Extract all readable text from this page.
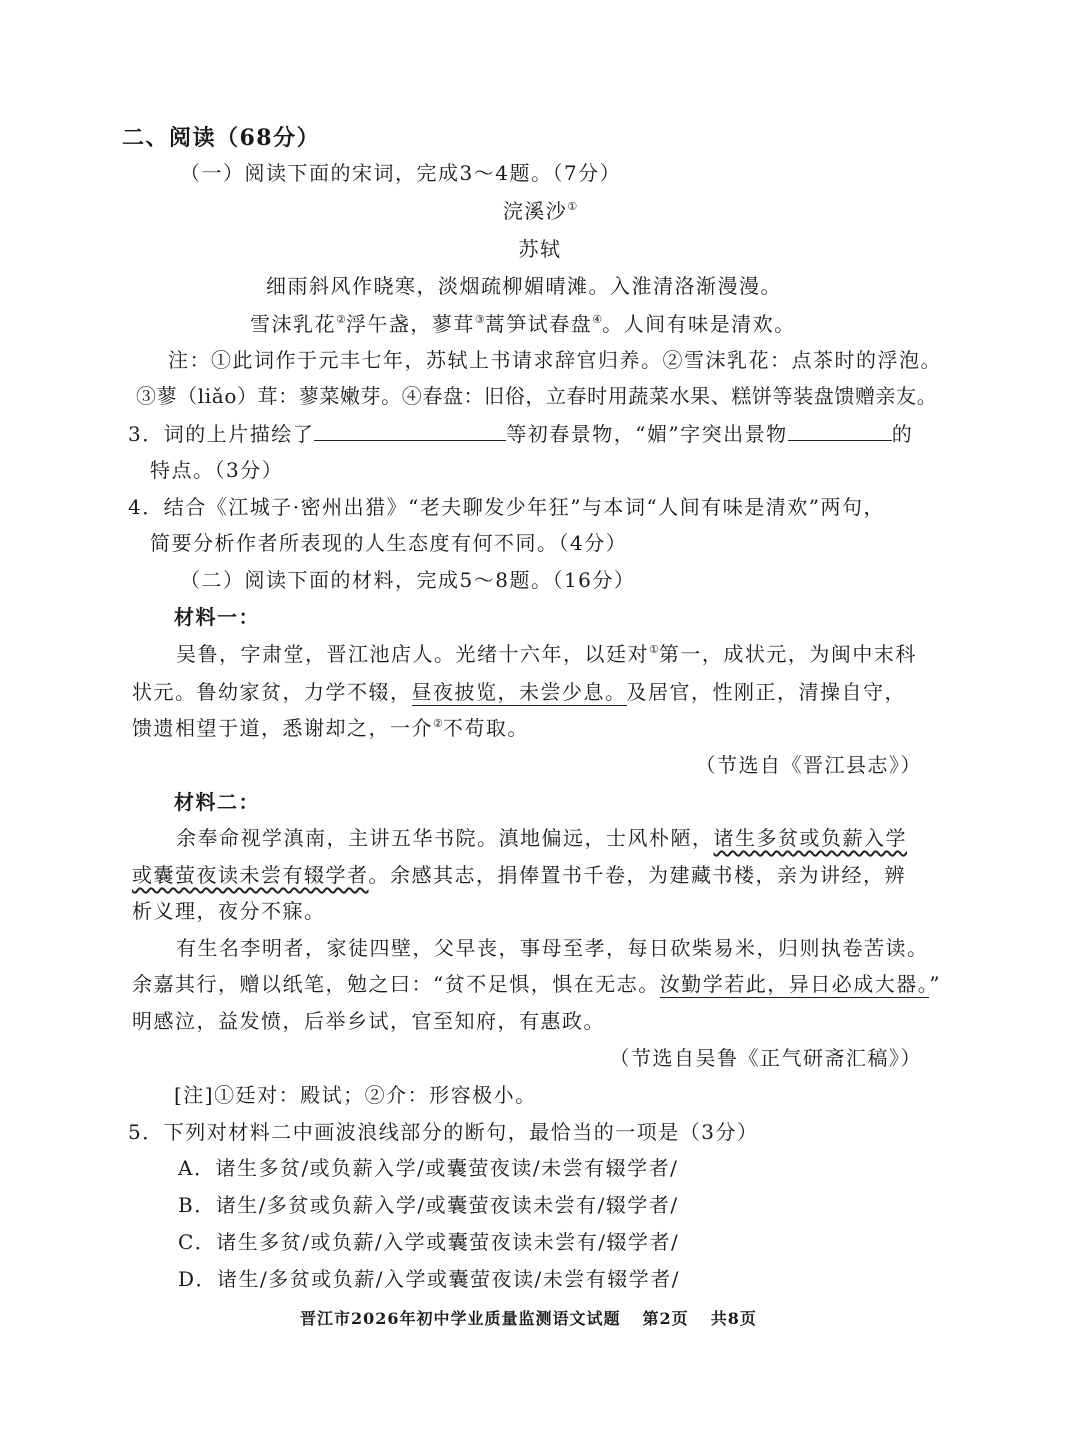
二、阅读（68分）
（一）阅读下面的宋词，完成3～4题。（7分）
浣溪沙①
苏轼
细雨斜风作晓寒，淡烟疏柳媚晴滩。入淮清洛渐漫漫。
雪沫乳花②浮午盏，蓼茸③蒿笋试春盘④。人间有味是清欢。
注：①此词作于元丰七年，苏轼上书请求辞官归养。②雪沫乳花：点茶时的浮泡。
③蓼（liǎo）茸：蓼菜嫩芽。④春盘：旧俗，立春时用蔬菜水果、糕饼等装盘馈赠亲友。
3．词的上片描绘了	等初春景物，“媚”字突出景物	的
特点。（3分）
4．结合《江城子·密州出猎》“老夫聊发少年狂”与本词“人间有味是清欢”两句，
简要分析作者所表现的人生态度有何不同。（4分）
（二）阅读下面的材料，完成5～8题。（16分）
材料一：
吴鲁，字肃堂，晋江池店人。光绪十六年，以廷对①第一，成状元，为闽中末科
状元。鲁幼家贫，力学不辍，昼夜披览，未尝少息。及居官，性刚正，清操自守，
馈遗相望于道，悉谢却之，一介②不苟取。
（节选自《晋江县志》）
材料二：
余奉命视学滇南，主讲五华书院。滇地偏远，士风朴陋，诸生多贫或负薪入学
或囊萤夜读未尝有辍学者。余感其志，捐俸置书千卷，为建藏书楼，亲为讲经，辨
析义理，夜分不寐。
有生名李明者，家徒四壁，父早丧，事母至孝，每日砍柴易米，归则执卷苦读。
余嘉其行，赠以纸笔，勉之曰：“贫不足惧，惧在无志。汝勤学若此，异日必成大器。”
明感泣，益发愤，后举乡试，官至知府，有惠政。
（节选自吴鲁《正气研斋汇稿》）
[注]①廷对：殿试；②介：形容极小。
5．下列对材料二中画波浪线部分的断句，最恰当的一项是（3分）
A．诸生多贫/或负薪入学/或囊萤夜读/未尝有辍学者/
B．诸生/多贫或负薪入学/或囊萤夜读未尝有/辍学者/
C．诸生多贫/或负薪/入学或囊萤夜读未尝有/辍学者/
D．诸生/多贫或负薪/入学或囊萤夜读/未尝有辍学者/
晋江市2026年初中学业质量监测语文试题 第2页 共8页
